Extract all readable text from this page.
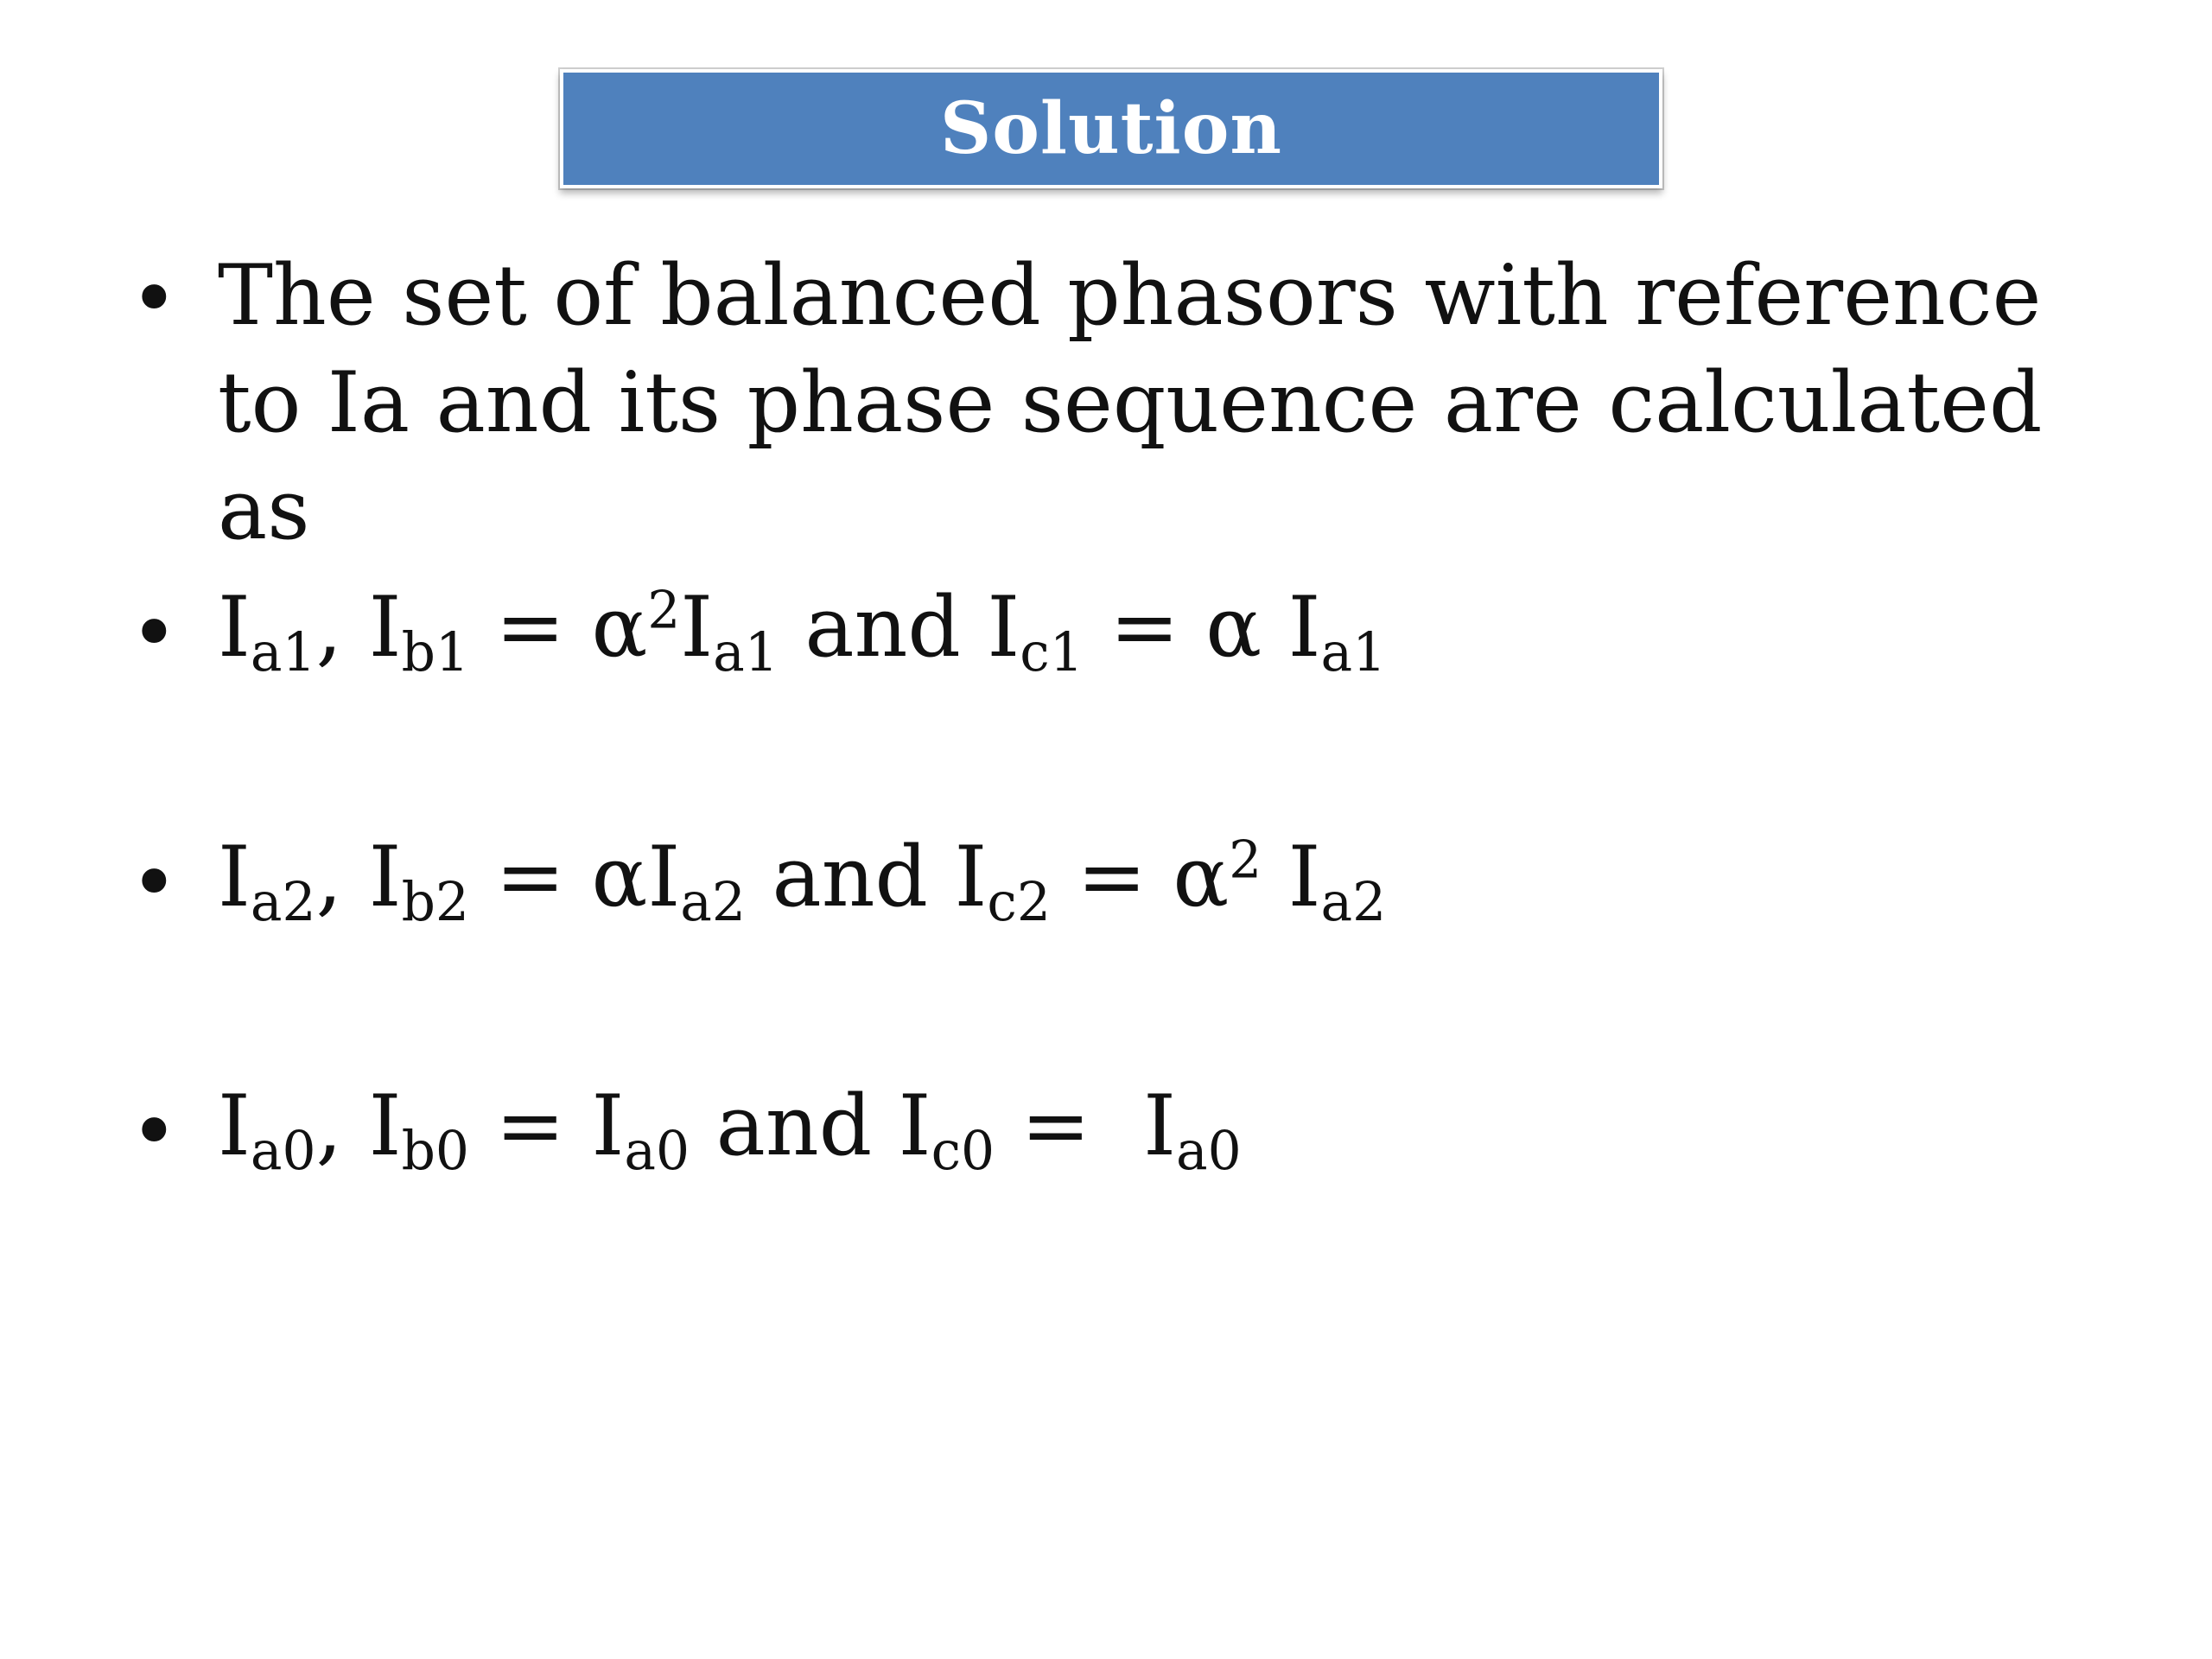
Solution
• The set of balanced phasors with reference to Ia and its phase sequence are calculated as
• $I_{a1}$, $I_{b1} = \alpha^2I_{a1}$ and $I_{c1} = \alpha$ $I_{a1}$
• $I_{a2}$, $I_{b2} = \alpha I_{a2}$ and $I_{c2} = \alpha^2$ $I_{a2}$
• $I_{a0}$, $I_{b0} = I_{a0}$ and $I_{c0} = I_{a0}$
